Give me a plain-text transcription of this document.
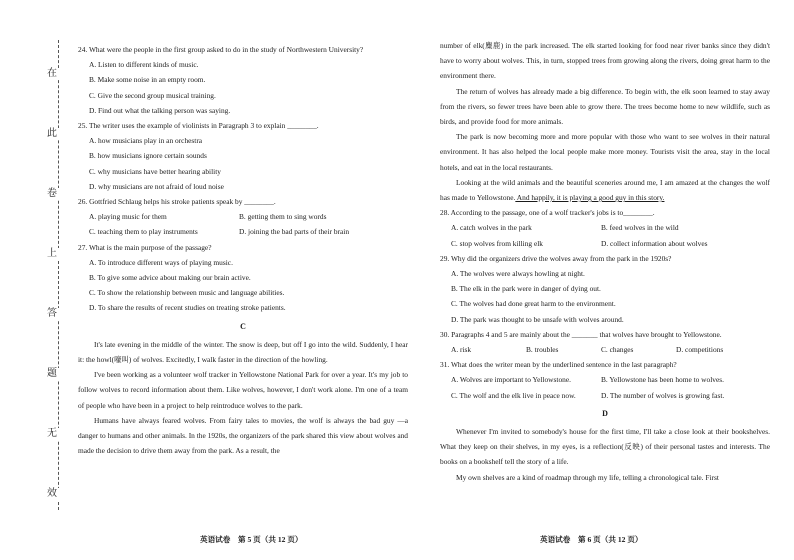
在
此
卷
上
答
题
无
效

24. What were the people in the first group asked to do in the study of Northwestern University?

A. Listen to different kinds of music.

B. Make some noise in an empty room.

C. Give the second group musical training.

D. Find out what the talking person was saying.

25. The writer uses the example of violinists in Paragraph 3 to explain ________.

A. how musicians play in an orchestra

B. how musicians ignore certain sounds

C. why musicians have better hearing ability

D. why musicians are not afraid of loud noise

26. Gottfried Schlaug helps his stroke patients speak by ________.

A. playing music for them	B. getting them to sing words
C. teaching them to play instruments	D. joining the bad parts of their brain

27. What is the main purpose of the passage?

A. To introduce different ways of playing music.

B. To give some advice about making our brain active.

C. To show the relationship between music and language abilities.

D. To share the results of recent studies on treating stroke patients.

C

It's late evening in the middle of the winter. The snow is deep, but off I go into the wild. Suddenly, I hear it: the howl(嚎叫) of wolves. Excitedly, I walk faster in the direction of the howling.

I've been working as a volunteer wolf tracker in Yellowstone National Park for over a year. It's my job to follow wolves to record information about them. Like wolves, however, I don't work alone. I'm one of a team of people who have been in a project to help reintroduce wolves to the park.

Humans have always feared wolves. From fairy tales to movies, the wolf is always the bad guy —a danger to humans and other animals. In the 1920s, the organizers of the park shared this view about wolves and made the decision to drive them away from the park. As a result, the

英语试卷　第 5 页（共 12 页）

number of elk(麋鹿) in the park increased. The elk started looking for food near river banks since they didn't have to worry about wolves. This, in turn, stopped trees from growing along the rivers, doing great harm to the environment there.

The return of wolves has already made a big difference. To begin with, the elk soon learned to stay away from the rivers, so fewer trees have been able to grow there. The trees become home to new wildlife, such as birds, and provide food for more animals.

The park is now becoming more and more popular with those who want to see wolves in their natural environment. It has also helped the local people make more money. Tourists visit the area, stay in the local hotels, and eat in the local restaurants.

Looking at the wild animals and the beautiful sceneries around me, I am amazed at the changes the wolf has made to Yellowstone. And happily, it is playing a good guy in this story.

28. According to the passage, one of a wolf tracker's jobs is to________.

A. catch wolves in the park	B. feed wolves in the wild
C. stop wolves from killing elk	D. collect information about wolves

29. Why did the organizers drive the wolves away from the park in the 1920s?

A. The wolves were always howling at night.

B. The elk in the park were in danger of dying out.

C. The wolves had done great harm to the environment.

D. The park was thought to be unsafe with wolves around.

30. Paragraphs 4 and 5 are mainly about the _______ that wolves have brought to Yellowstone.

A. risk	B. troubles	C. changes	D. competitions

31. What does the writer mean by the underlined sentence in the last paragraph?

A. Wolves are important to Yellowstone.	B. Yellowstone has been home to wolves.
C. The wolf and the elk live in peace now.	D. The number of wolves is growing fast.

D

Whenever I'm invited to somebody's house for the first time, I'll take a close look at their bookshelves. What they keep on their shelves, in my eyes, is a reflection(反映) of their personal tastes and interests. The books on a bookshelf tell the story of a life.

My own shelves are a kind of roadmap through my life, telling a chronological tale. First

英语试卷　第 6 页（共 12 页）
